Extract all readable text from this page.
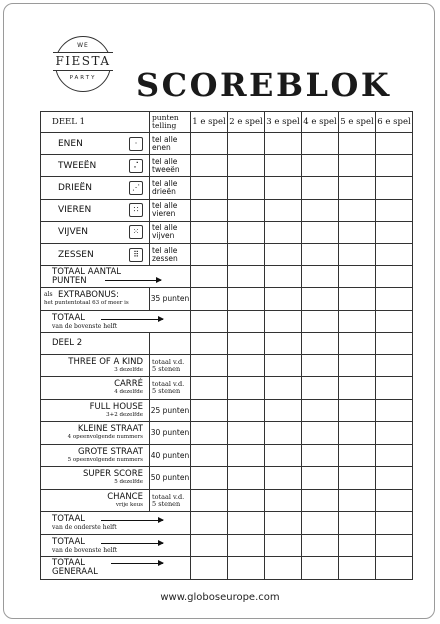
WE
FIESTA
PARTY	SCOREBLOK
DEEL 1	punten telling	1 e spel	2 e spel	3 e spel	4 e spel	5 e spel	6 e spel

ENEN ·	tel alle enen						

TWEEËN ⠌	tel alle tweeën						

DRIEËN ⋰	tel alle drieën						

VIEREN ∷	tel alle vieren						

VIJVEN ⁙	tel alle vijven						

ZESSEN ⠿	tel alle zessen						

TOTAAL AANTAL PUNTEN							

als EXTRABONUS:
het puntentotaal 63 of meer is	35 punten						

TOTAAL
van de bovenste helft							

DEEL 2							

THREE OF A KIND
3 dezelfde	totaal v.d. 5 stenen						

CARRÉ
4 dezelfde	totaal v.d. 5 stenen						

FULL HOUSE
3+2 dezelfde	25 punten						

KLEINE STRAAT
4 opeenvolgende nummers	30 punten						

GROTE STRAAT
5 opeenvolgende nummers	40 punten						

SUPER SCORE
5 dezelfde	50 punten						

CHANCE
vrije keus	totaal v.d. 5 stenen						

TOTAAL
van de onderste helft							

TOTAAL
van de bovenste helft							

TOTAAL GENERAAL							

www.globoseurope.com
